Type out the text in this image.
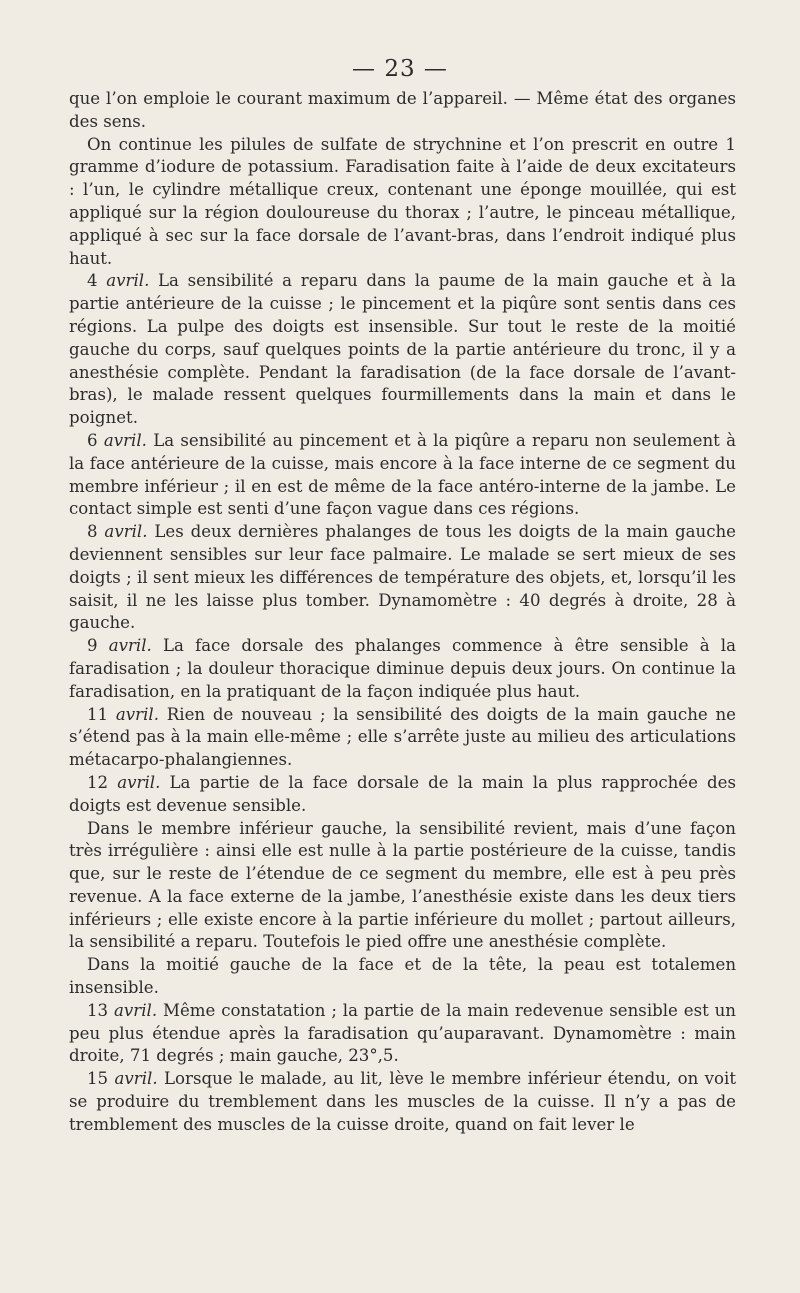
— 23 —

que l’on emploie le courant maximum de l’appareil. — Même état des organes des sens.

On continue les pilules de sulfate de strychnine et l’on prescrit en outre 1 gramme d’iodure de potassium. Faradisation faite à l’aide de deux excitateurs : l’un, le cylindre métallique creux, contenant une éponge mouillée, qui est appliqué sur la région douloureuse du thorax ; l’autre, le pinceau métallique, appliqué à sec sur la face dorsale de l’avant-bras, dans l’endroit indiqué plus haut.

4 avril. La sensibilité a reparu dans la paume de la main gauche et à la partie antérieure de la cuisse ; le pincement et la piqûre sont sentis dans ces régions. La pulpe des doigts est insensible. Sur tout le reste de la moitié gauche du corps, sauf quelques points de la partie antérieure du tronc, il y a anesthésie complète. Pendant la faradisation (de la face dorsale de l’avant-bras), le malade ressent quelques fourmillements dans la main et dans le poignet.

6 avril. La sensibilité au pincement et à la piqûre a reparu non seulement à la face antérieure de la cuisse, mais encore à la face interne de ce segment du membre inférieur ; il en est de même de la face antéro-interne de la jambe. Le contact simple est senti d’une façon vague dans ces régions.

8 avril. Les deux dernières phalanges de tous les doigts de la main gauche deviennent sensibles sur leur face palmaire. Le malade se sert mieux de ses doigts ; il sent mieux les différences de température des objets, et, lorsqu’il les saisit, il ne les laisse plus tomber. Dynamomètre : 40 degrés à droite, 28 à gauche.

9 avril. La face dorsale des phalanges commence à être sensible à la faradisation ; la douleur thoracique diminue depuis deux jours. On continue la faradisation, en la pratiquant de la façon indiquée plus haut.

11 avril. Rien de nouveau ; la sensibilité des doigts de la main gauche ne s’étend pas à la main elle-même ; elle s’arrête juste au milieu des articulations métacarpo-phalangiennes.

12 avril. La partie de la face dorsale de la main la plus rapprochée des doigts est devenue sensible.

Dans le membre inférieur gauche, la sensibilité revient, mais d’une façon très irrégulière : ainsi elle est nulle à la partie postérieure de la cuisse, tandis que, sur le reste de l’étendue de ce segment du membre, elle est à peu près revenue. A la face externe de la jambe, l’anesthésie existe dans les deux tiers inférieurs ; elle existe encore à la partie inférieure du mollet ; partout ailleurs, la sensibilité a reparu. Toutefois le pied offre une anesthésie complète.

Dans la moitié gauche de la face et de la tête, la peau est totalemen insensible.

13 avril. Même constatation ; la partie de la main redevenue sensible est un peu plus étendue après la faradisation qu’auparavant. Dynamomètre : main droite, 71 degrés ; main gauche, 23°,5.

15 avril. Lorsque le malade, au lit, lève le membre inférieur étendu, on voit se produire du tremblement dans les muscles de la cuisse. Il n’y a pas de tremblement des muscles de la cuisse droite, quand on fait lever le
